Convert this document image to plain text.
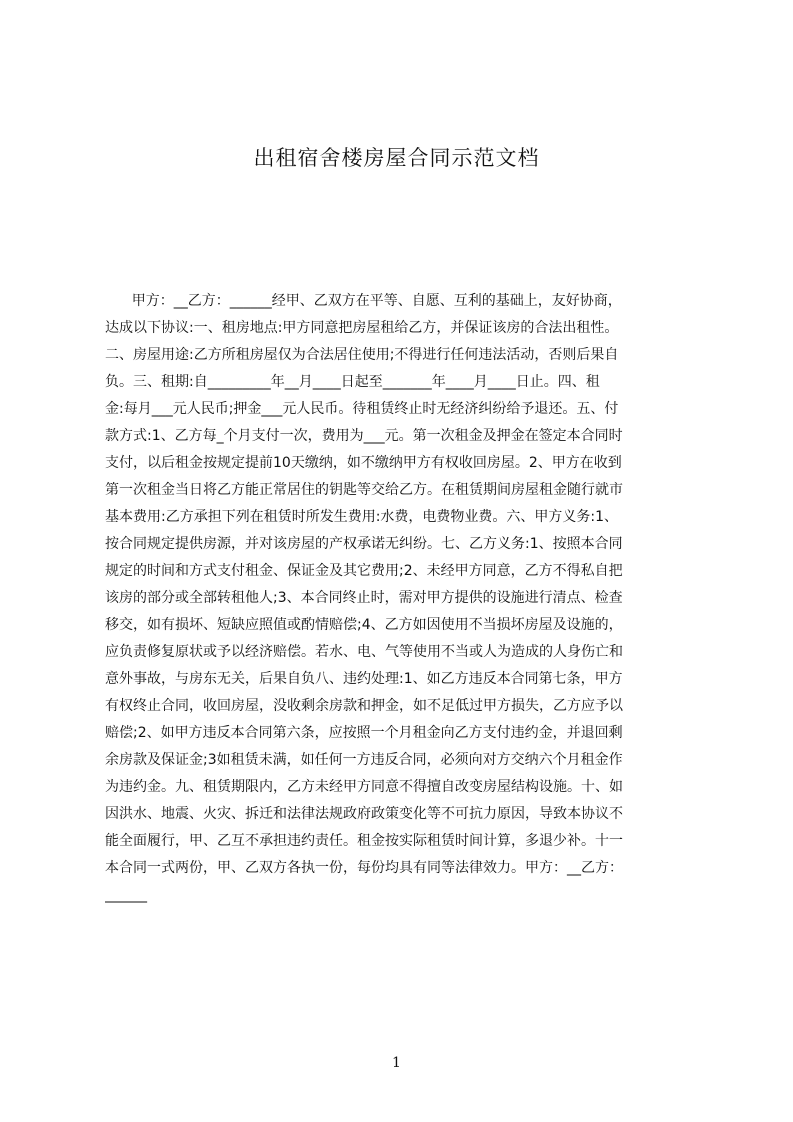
出租宿舍楼房屋合同示范文档
甲方：__乙方：______经甲、乙双方在平等、自愿、互利的基础上，友好协商，
达成以下协议:一、租房地点:甲方同意把房屋租给乙方，并保证该房的合法出租性。
二、房屋用途:乙方所租房屋仅为合法居住使用;不得进行任何违法活动，否则后果自
负。三、租期:自_________年__月____日起至_______年____月____日止。四、租
金:每月___元人民币;押金___元人民币。待租赁终止时无经济纠纷给予退还。五、付
款方式:1、乙方每_个月支付一次，费用为___元。第一次租金及押金在签定本合同时
支付，以后租金按规定提前10天缴纳，如不缴纳甲方有权收回房屋。2、甲方在收到
第一次租金当日将乙方能正常居住的钥匙等交给乙方。在租赁期间房屋租金随行就市
基本费用:乙方承担下列在租赁时所发生费用:水费，电费物业费。六、甲方义务:1、
按合同规定提供房源，并对该房屋的产权承诺无纠纷。七、乙方义务:1、按照本合同
规定的时间和方式支付租金、保证金及其它费用;2、未经甲方同意，乙方不得私自把
该房的部分或全部转租他人;3、本合同终止时，需对甲方提供的设施进行清点、检查
移交，如有损坏、短缺应照值或酌情赔偿;4、乙方如因使用不当损坏房屋及设施的，
应负责修复原状或予以经济赔偿。若水、电、气等使用不当或人为造成的人身伤亡和
意外事故，与房东无关，后果自负八、违约处理:1、如乙方违反本合同第七条，甲方
有权终止合同，收回房屋，没收剩余房款和押金，如不足低过甲方损失，乙方应予以
赔偿;2、如甲方违反本合同第六条，应按照一个月租金向乙方支付违约金，并退回剩
余房款及保证金;3如租赁未满，如任何一方违反合同，必须向对方交纳六个月租金作
为违约金。九、租赁期限内，乙方未经甲方同意不得擅自改变房屋结构设施。十、如
因洪水、地震、火灾、拆迁和法律法规政府政策变化等不可抗力原因，导致本协议不
能全面履行，甲、乙互不承担违约责任。租金按实际租赁时间计算，多退少补。十一
本合同一式两份，甲、乙双方各执一份，每份均具有同等法律效力。甲方：__乙方：
______
1
